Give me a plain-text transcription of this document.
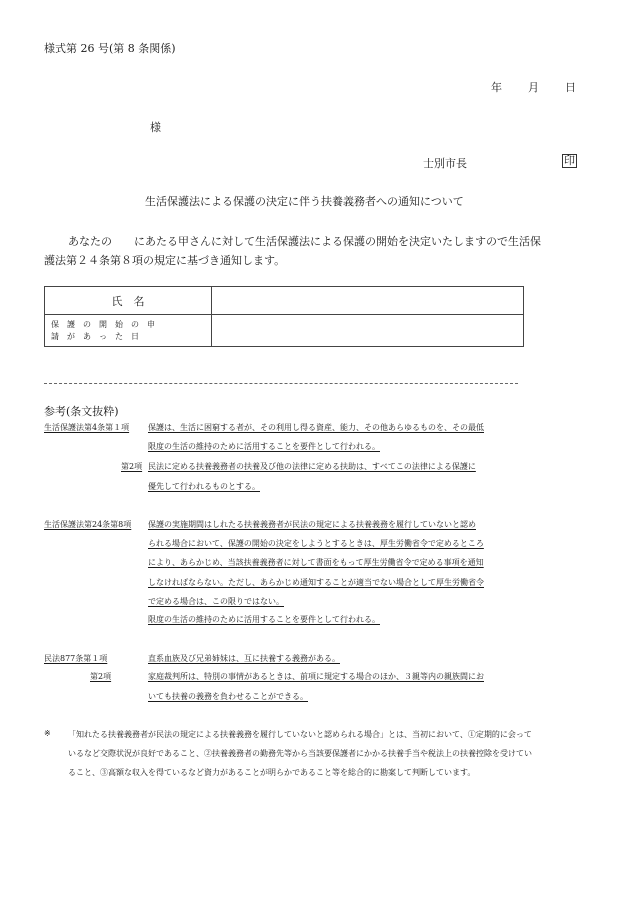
様式第 26 号(第 8 条関係)
年 月 日
様
士別市長	印
生活保護法による保護の決定に伴う扶養義務者への通知について
あなたの　　にあたる甲さんに対して生活保護法による保護の開始を決定いたしますので生活保
護法第２４条第８項の規定に基づき通知します。
氏　名	

保　護　の　開　始　の　申
請　が　あ　っ　た　日	

参考(条文抜粋)
生活保護法第4条第１項 保護は、生活に困窮する者が、その利用し得る資産、能力、その他あらゆるものを、その最低
限度の生活の維持のために活用することを要件として行われる。
第2項 民法に定める扶養義務者の扶養及び他の法律に定める扶助は、すべてこの法律による保護に
優先して行われるものとする。
生活保護法第24条第8項 保護の実施期間はしれたる扶養義務者が民法の規定による扶養義務を履行していないと認め
られる場合において、保護の開始の決定をしようとするときは、厚生労働省令で定めるところ
により、あらかじめ、当該扶養義務者に対して書面をもって厚生労働省令で定める事項を通知
しなければならない。ただし、あらかじめ通知することが適当でない場合として厚生労働省令
で定める場合は、この限りではない。
限度の生活の維持のために活用することを要件として行われる。
民法877条第１項	直系血族及び兄弟姉妹は、互に扶養する義務がある。
第2項	家庭裁判所は、特別の事情があるときは、前項に規定する場合のほか、３親等内の親族間にお
いても扶養の義務を負わせることができる。
※ 「知れたる扶養義務者が民法の規定による扶養義務を履行していないと認められる場合」とは、当初において、①定期的に会って
いるなど交際状況が良好であること、②扶養義務者の勤務先等から当該要保護者にかかる扶養手当や税法上の扶養控除を受けてい
ること、③高額な収入を得ているなど資力があることが明らかであること等を総合的に勘案して判断しています。
